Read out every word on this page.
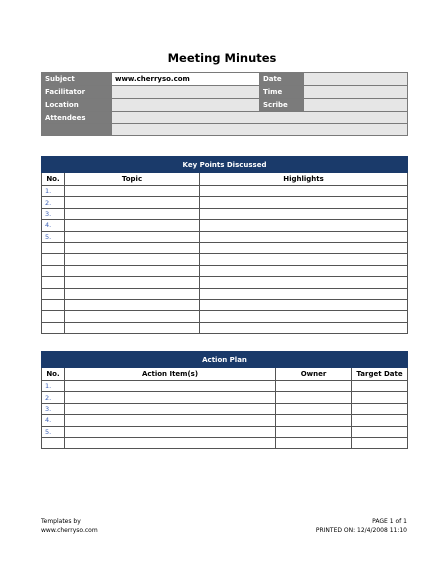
Meeting Minutes
Subject	www.cherryso.com	Date	
Facilitator		Time	
Location		Scribe	
Attendees			

Key Points Discussed		
No.	Topic	Highlights
1.		
2.		
3.		
4.		
5.		

Action Plan			
No.	Action Item(s)	Owner	Target Date
1.			
2.			
3.			
4.			
5.			

Templates by
www.cherryso.com
PAGE 1 of 1
PRINTED ON: 12/4/2008 11:10
